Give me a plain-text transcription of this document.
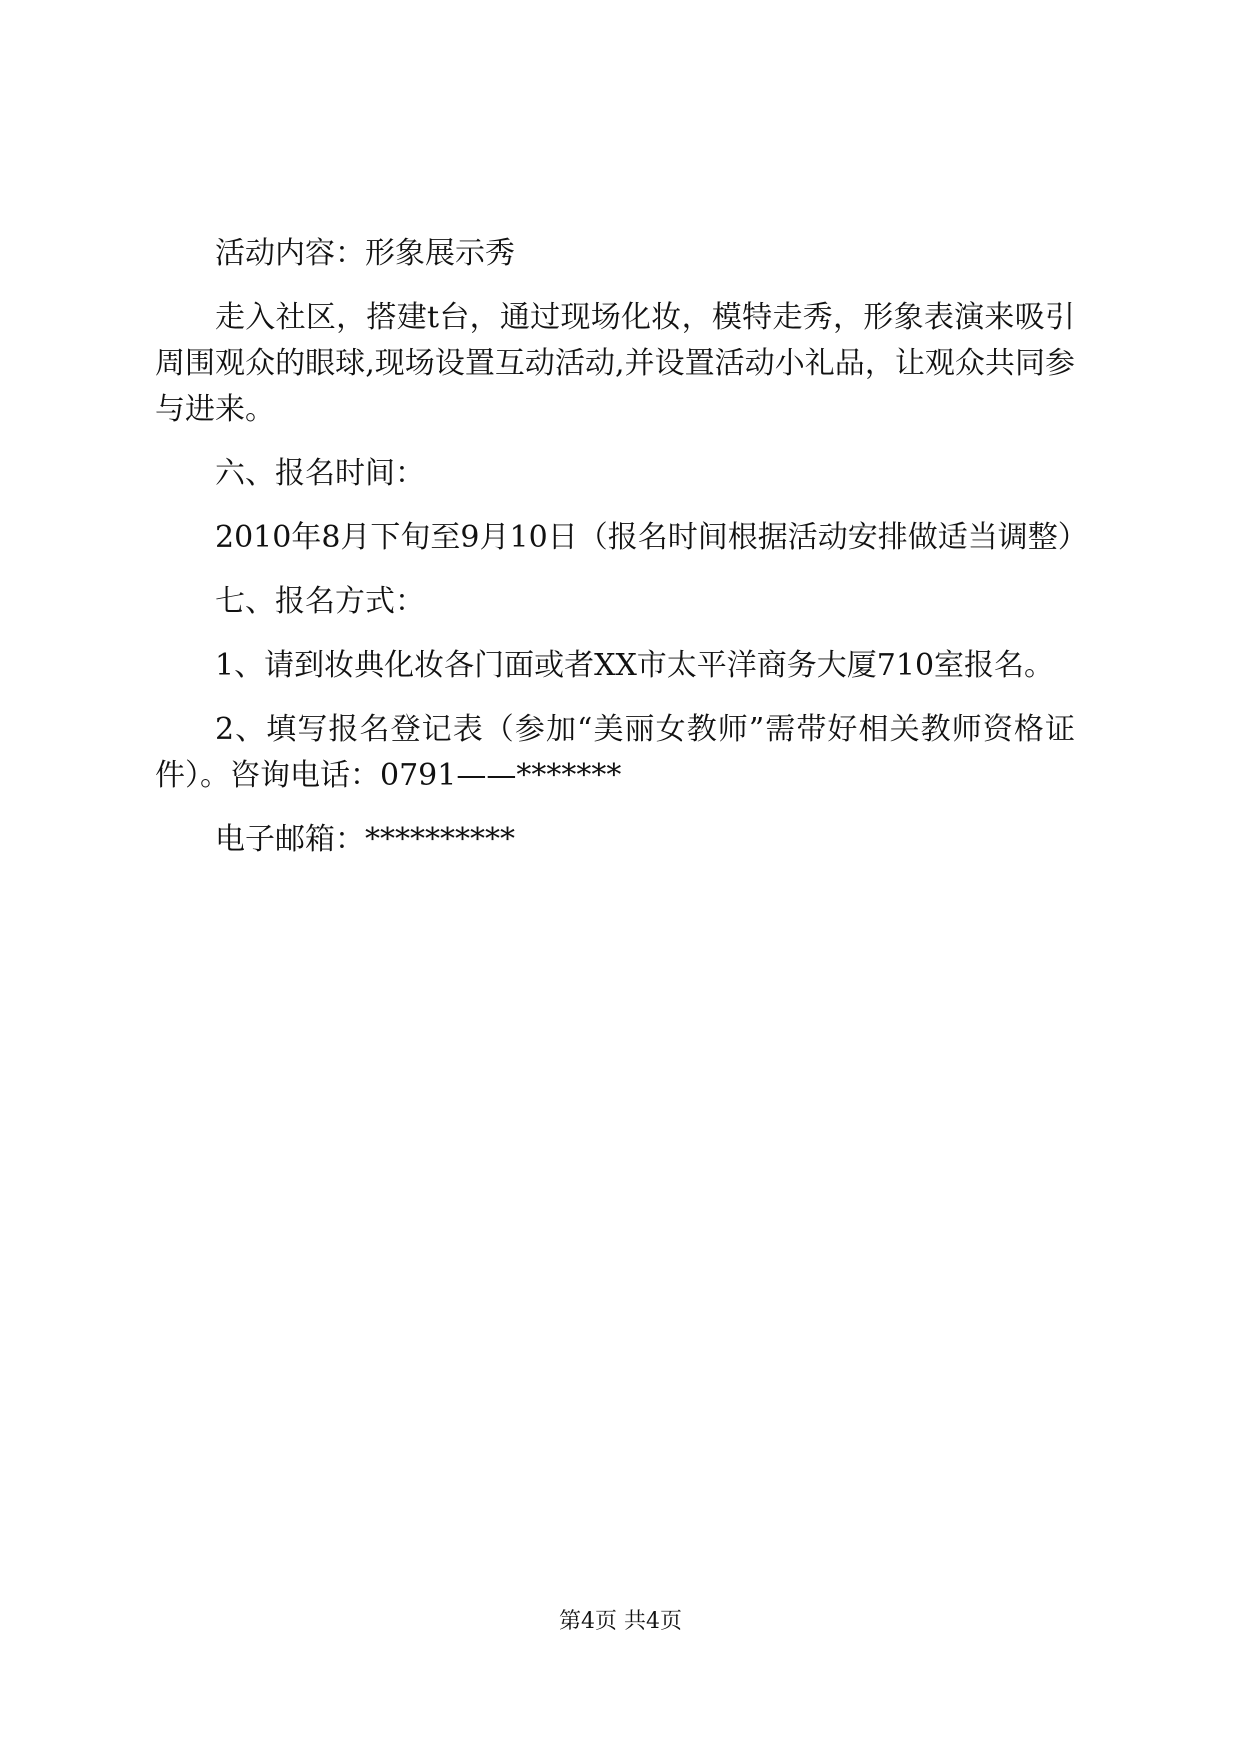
活动内容：形象展示秀

走入社区，搭建t台，通过现场化妆，模特走秀，形象表演来吸引周围观众的眼球,现场设置互动活动,并设置活动小礼品，让观众共同参与进来。

六、报名时间：

2010年8月下旬至9月10日（报名时间根据活动安排做适当调整）

七、报名方式：

1、请到妆典化妆各门面或者XX市太平洋商务大厦710室报名。

2、填写报名登记表（参加“美丽女教师”需带好相关教师资格证件）。咨询电话：0791——*******

电子邮箱：**********

第4页 共4页
